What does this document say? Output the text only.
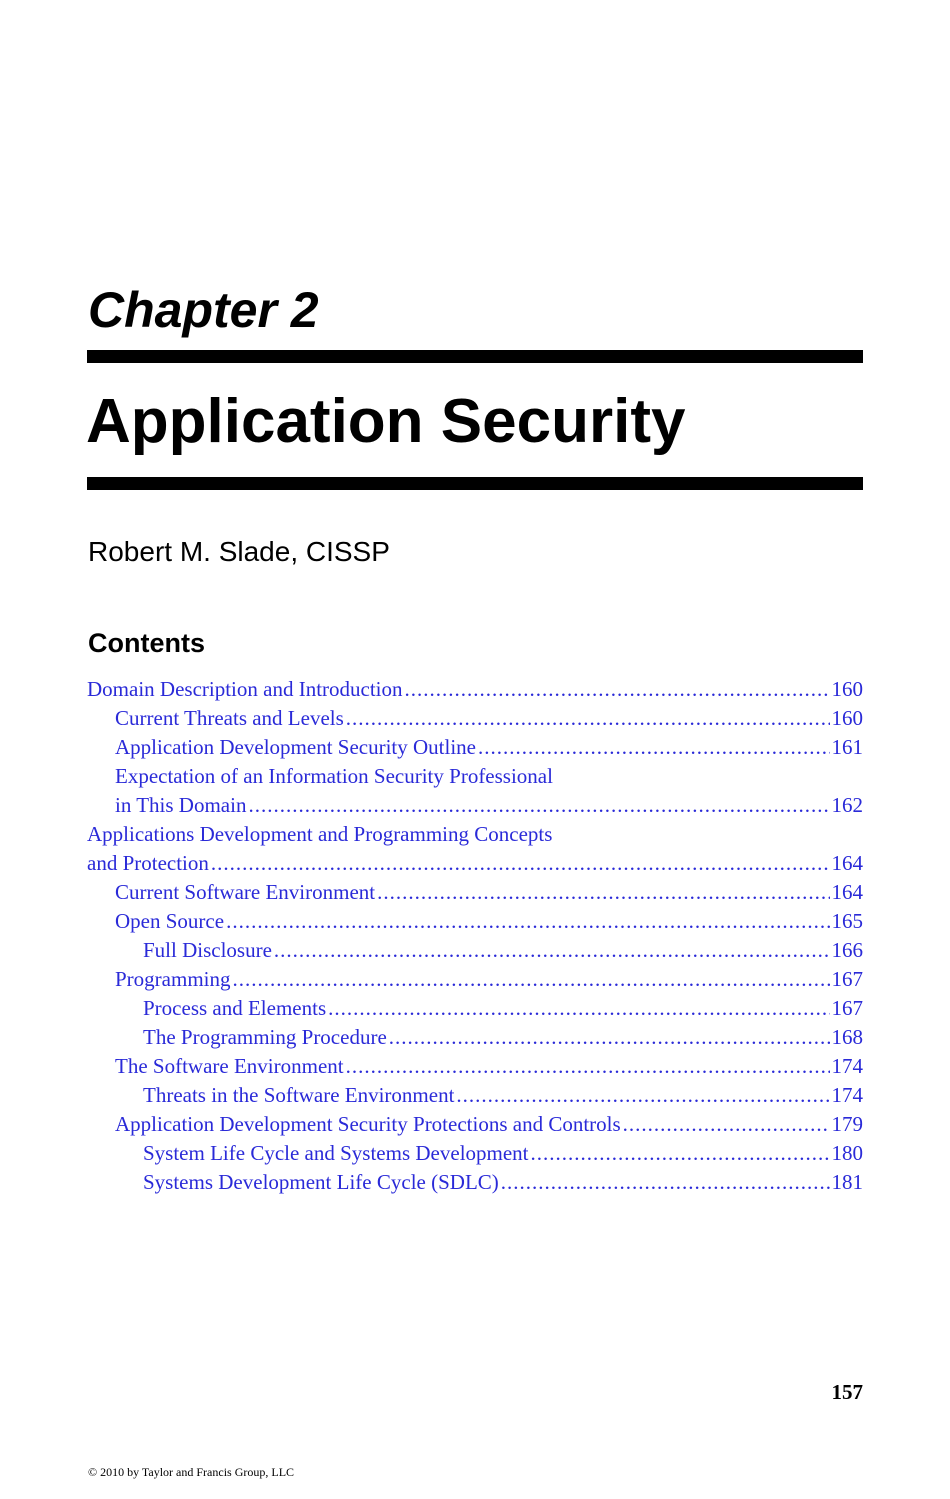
Chapter 2
Application Security

Robert M. Slade, CISSP

Contents
Domain Description and Introduction .....	160
Current Threats and Levels .....	160
Application Development Security Outline .....	161
Expectation of an Information Security Professional
in This Domain .....	162
Applications Development and Programming Concepts
and Protection .....	164
Current Software Environment .....	164
Open Source .....	165
Full Disclosure .....	166
Programming .....	167
Process and Elements .....	167
The Programming Procedure .....	168
The Software Environment .....	174
Threats in the Software Environment .....	174
Application Development Security Protections and Controls .....	179
System Life Cycle and Systems Development .....	180
Systems Development Life Cycle (SDLC) .....	181

157

© 2010 by Taylor and Francis Group, LLC
